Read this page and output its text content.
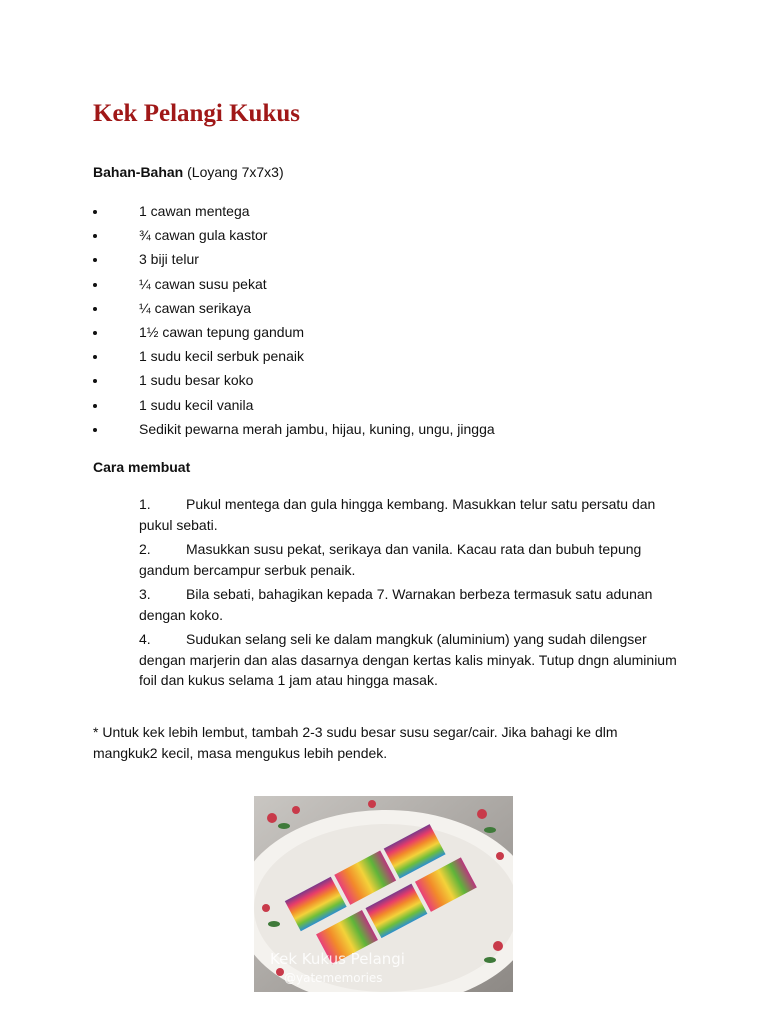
Kek Pelangi Kukus

Bahan-Bahan (Loyang 7x7x3)

1 cawan mentega
¾ cawan gula kastor
3 biji telur
¼ cawan susu pekat
¼ cawan serikaya
1½ cawan tepung gandum
1 sudu kecil serbuk penaik
1 sudu besar koko
1 sudu kecil vanila
Sedikit pewarna merah jambu, hijau, kuning, ungu, jingga

Cara membuat

1.	Pukul mentega dan gula hingga kembang. Masukkan telur satu persatu dan pukul sebati.
2.	Masukkan susu pekat, serikaya dan vanila. Kacau rata dan bubuh tepung gandum bercampur serbuk penaik.
3.	Bila sebati, bahagikan kepada 7. Warnakan berbeza termasuk satu adunan dengan koko.
4.	Sudukan selang seli ke dalam mangkuk (aluminium) yang sudah dilengser dengan marjerin dan alas dasarnya dengan kertas kalis minyak. Tutup dngn aluminium foil dan kukus selama 1 jam atau hingga masak.

* Untuk kek lebih lembut, tambah 2-3 sudu besar susu segar/cair. Jika bahagi ke dlm mangkuk2 kecil, masa mengukus lebih pendek.

Kek Kukus Pelangi
@yatememories
